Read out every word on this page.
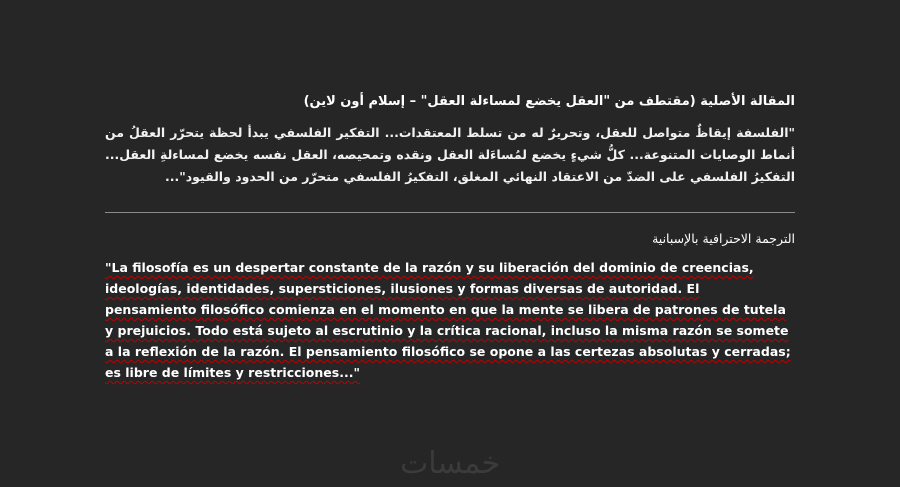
المقالة الأصلية (مقتطف من "العقل يخضع لمساءلة العقل" – إسلام أون لاين)

"الفلسفة إيقاظٌ متواصل للعقل، وتحريرٌ له من تسلط المعتقدات... التفكير الفلسفي يبدأ لحظة يتحرّر العقلُ من أنماط الوصايات المتنوعة... كلُّ شيءٍ يخضع لمُساءَلة العقل ونقده وتمحيصه، العقل نفسه يخضع لمساءلةِ العقل... التفكيرُ الفلسفي على الضدّ من الاعتقاد النهائي المغلق، التفكيرُ الفلسفي متحرّر من الحدود والقيود"...

الترجمة الاحترافية بالإسبانية

"La filosofía es un despertar constante de la razón y su liberación del dominio de creencias, ideologías, identidades, supersticiones, ilusiones y formas diversas de autoridad. El pensamiento filosófico comienza en el momento en que la mente se libera de patrones de tutela y prejuicios. Todo está sujeto al escrutinio y la crítica racional, incluso la misma razón se somete a la reflexión de la razón. El pensamiento filosófico se opone a las certezas absolutas y cerradas; es libre de límites y restricciones..."

خمسات
